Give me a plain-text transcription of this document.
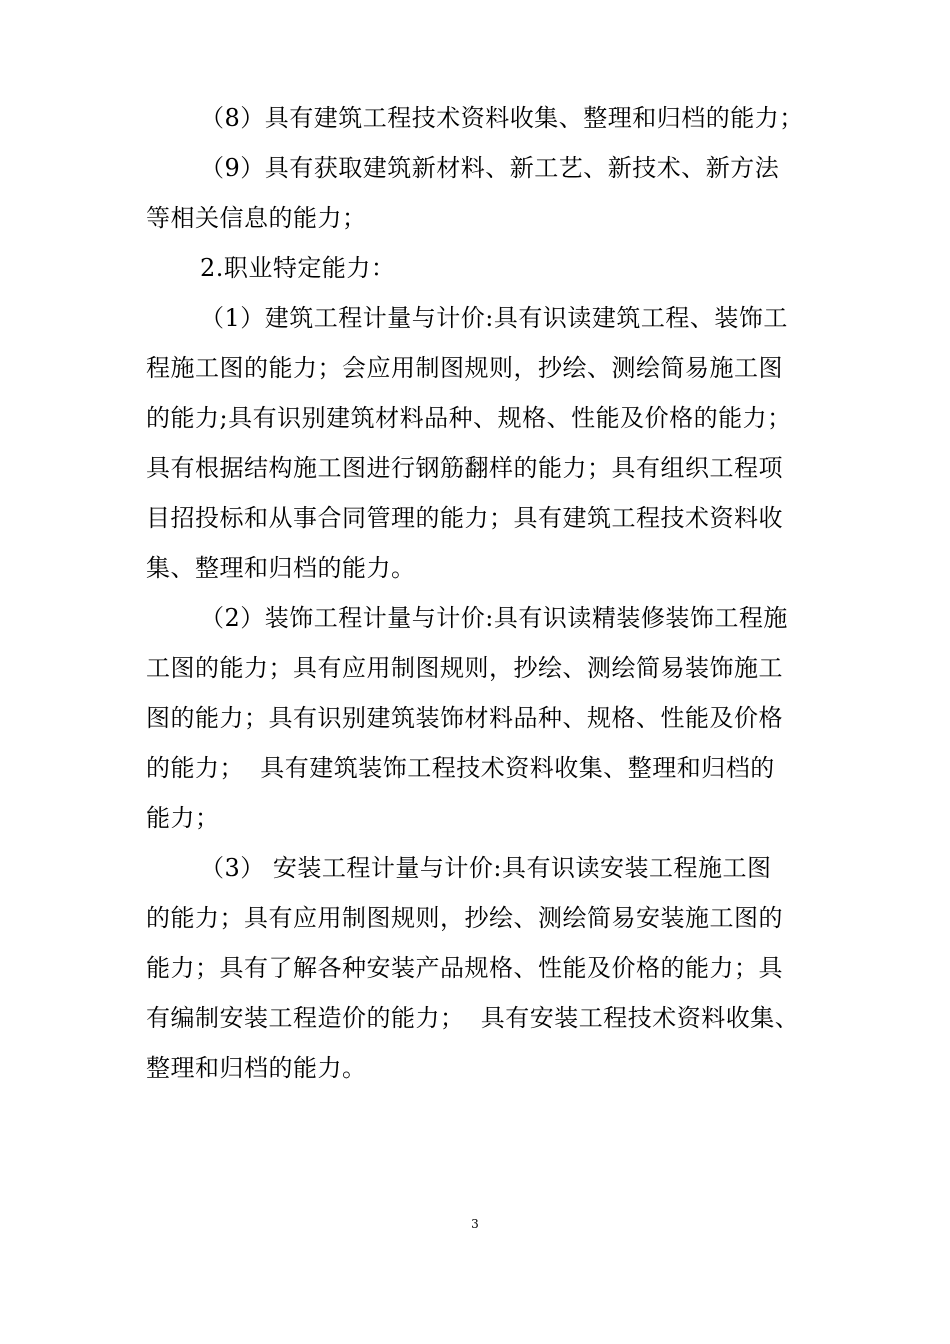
（8）具有建筑工程技术资料收集、整理和归档的能力；
（9）具有获取建筑新材料、新工艺、新技术、新方法
等相关信息的能力；
2.职业特定能力：
（1）建筑工程计量与计价:具有识读建筑工程、装饰工
程施工图的能力；会应用制图规则，抄绘、测绘简易施工图
的能力;具有识别建筑材料品种、规格、性能及价格的能力；
具有根据结构施工图进行钢筋翻样的能力；具有组织工程项
目招投标和从事合同管理的能力；具有建筑工程技术资料收
集、整理和归档的能力。
（2）装饰工程计量与计价:具有识读精装修装饰工程施
工图的能力；具有应用制图规则，抄绘、测绘简易装饰施工
图的能力；具有识别建筑装饰材料品种、规格、性能及价格
的能力；  具有建筑装饰工程技术资料收集、整理和归档的
能力；
（3） 安装工程计量与计价:具有识读安装工程施工图
的能力；具有应用制图规则，抄绘、测绘简易安装施工图的
能力；具有了解各种安装产品规格、性能及价格的能力；具
有编制安装工程造价的能力；  具有安装工程技术资料收集、
整理和归档的能力。
3
